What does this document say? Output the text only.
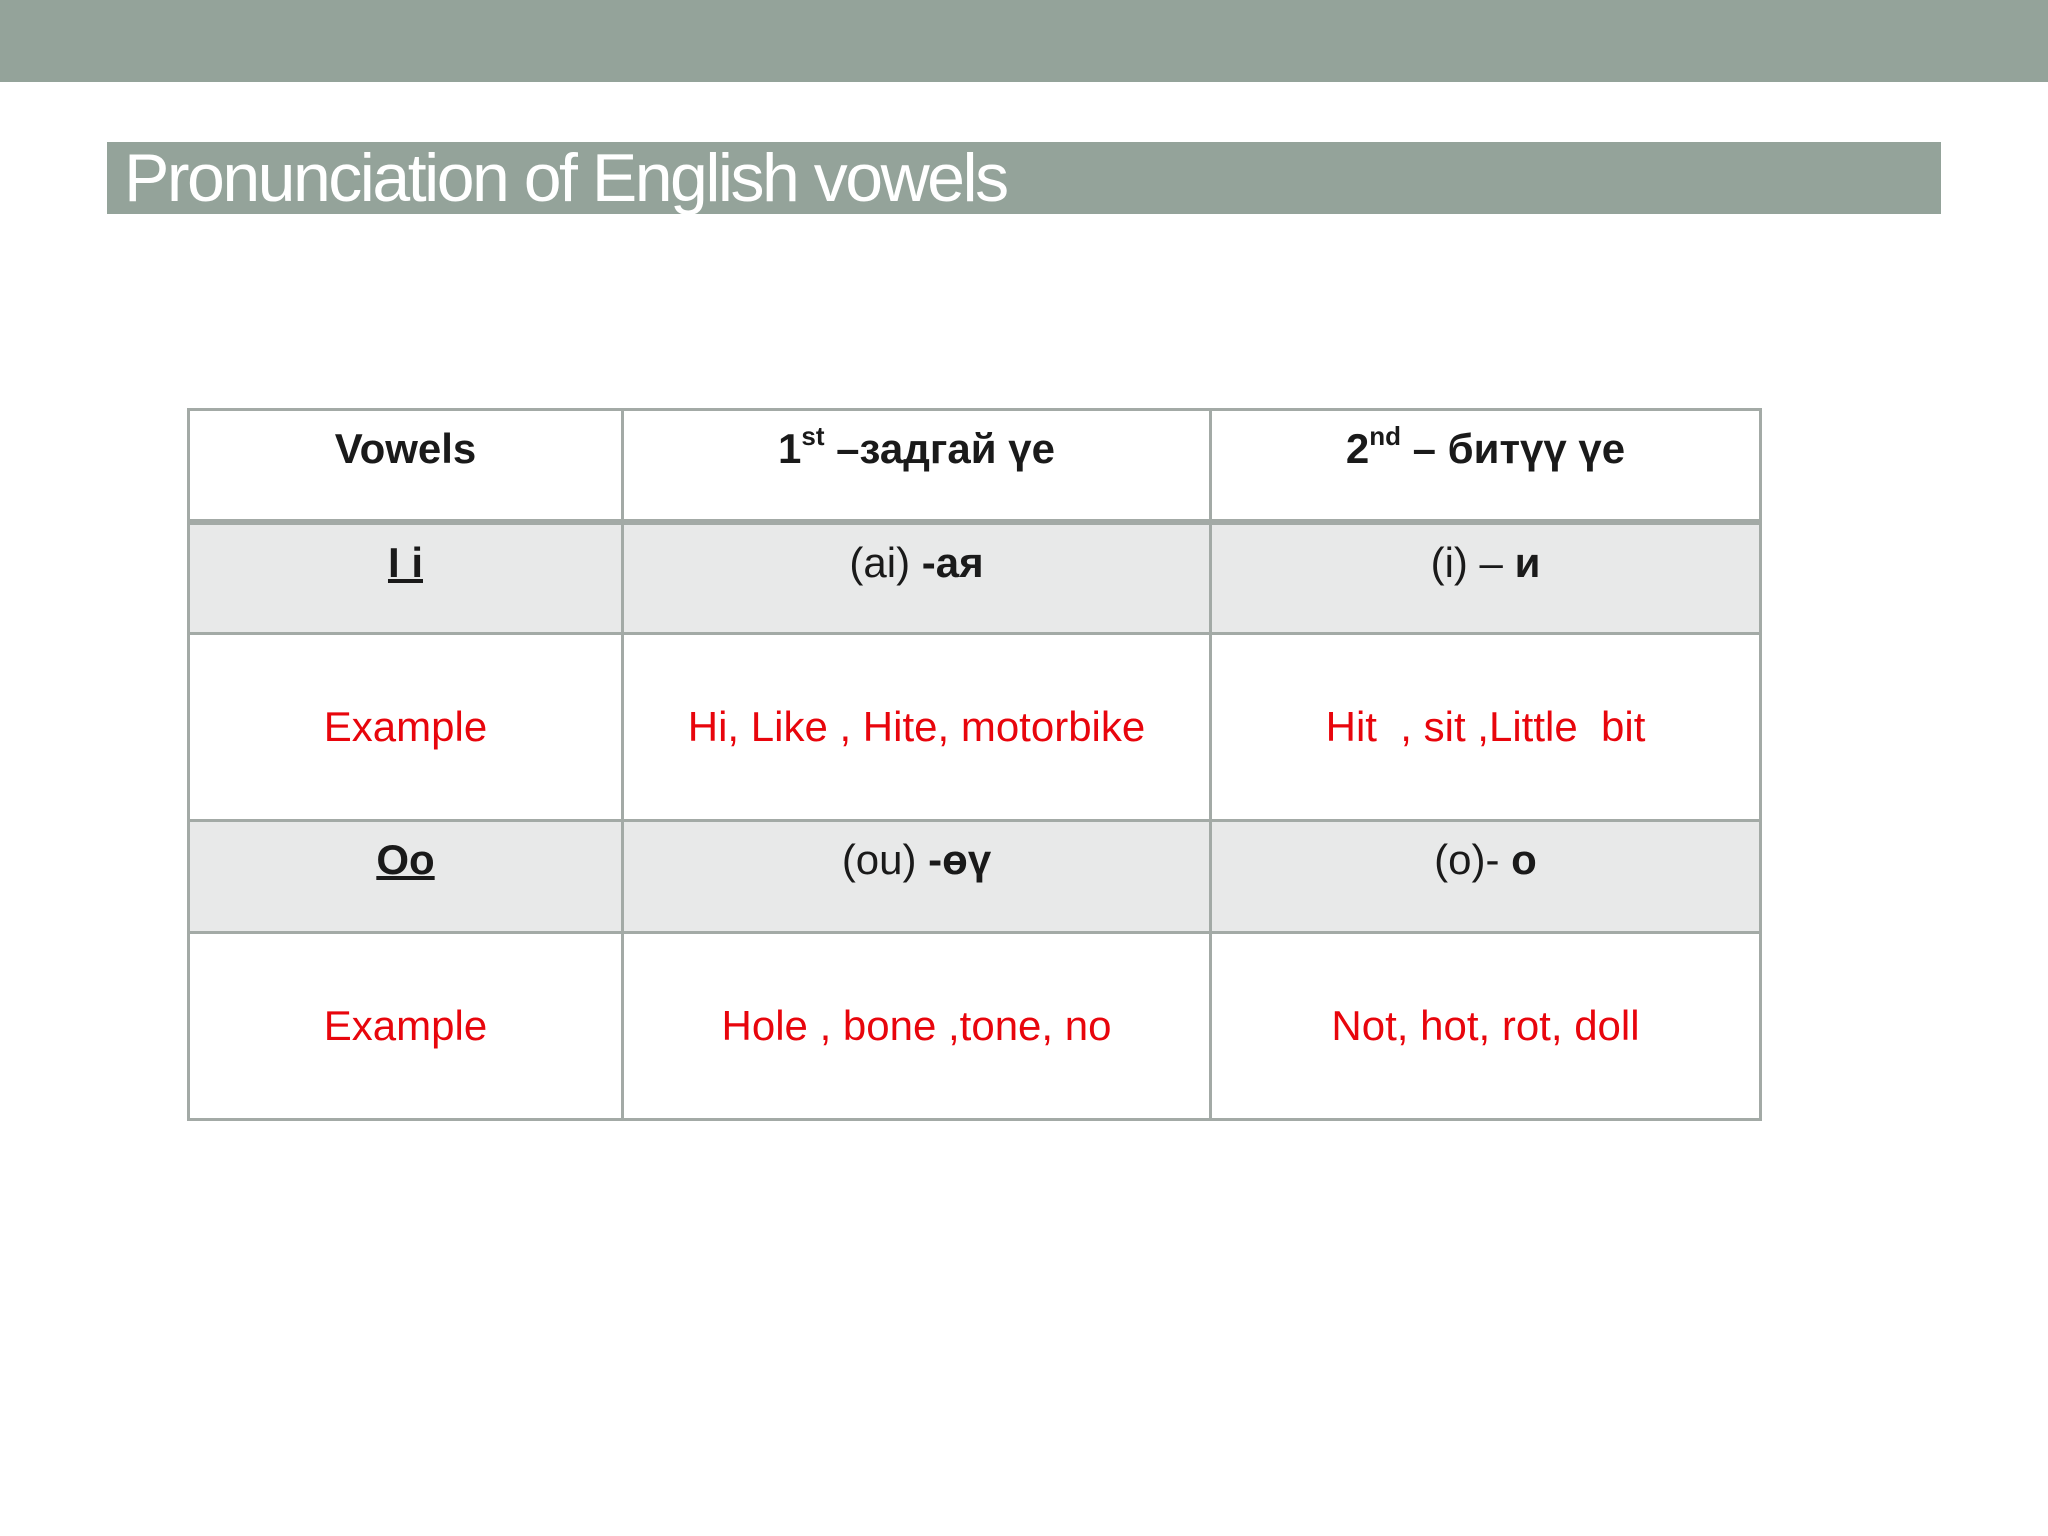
Pronunciation of English vowels
Vowels	1st –задгай үе	2nd – битүү үе
I i	(ai) -ая	(i) – и
Example	Hi, Like , Hite, motorbike	Hit  , sit ,Little  bit
Oo	(ou) -өү	(o)- o
Example	Hole , bone ,tone, no	Not, hot, rot, doll
